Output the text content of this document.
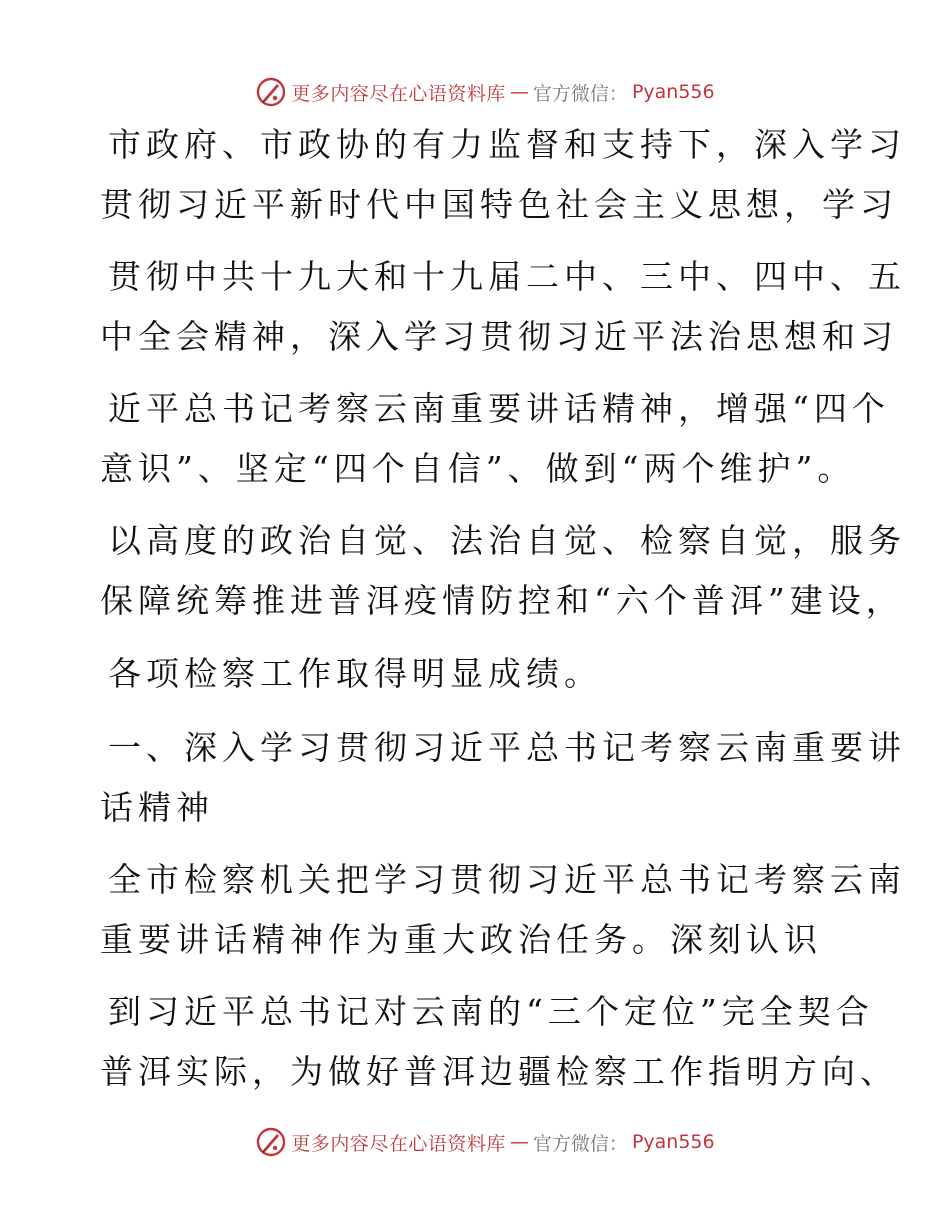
更多内容尽在心语资料库 — 官方微信： Pyan556
市政府、市政协的有力监督和支持下，深入学习
贯彻习近平新时代中国特色社会主义思想，学习
贯彻中共十九大和十九届二中、三中、四中、五
中全会精神，深入学习贯彻习近平法治思想和习
近平总书记考察云南重要讲话精神，增强“四个
意识”、坚定“四个自信”、做到“两个维护”。
以高度的政治自觉、法治自觉、检察自觉，服务
保障统筹推进普洱疫情防控和“六个普洱”建设，
各项检察工作取得明显成绩。
一、深入学习贯彻习近平总书记考察云南重要讲
话精神
全市检察机关把学习贯彻习近平总书记考察云南
重要讲话精神作为重大政治任务。深刻认识
到习近平总书记对云南的“三个定位”完全契合
普洱实际，为做好普洱边疆检察工作指明方向、
更多内容尽在心语资料库 — 官方微信： Pyan556
